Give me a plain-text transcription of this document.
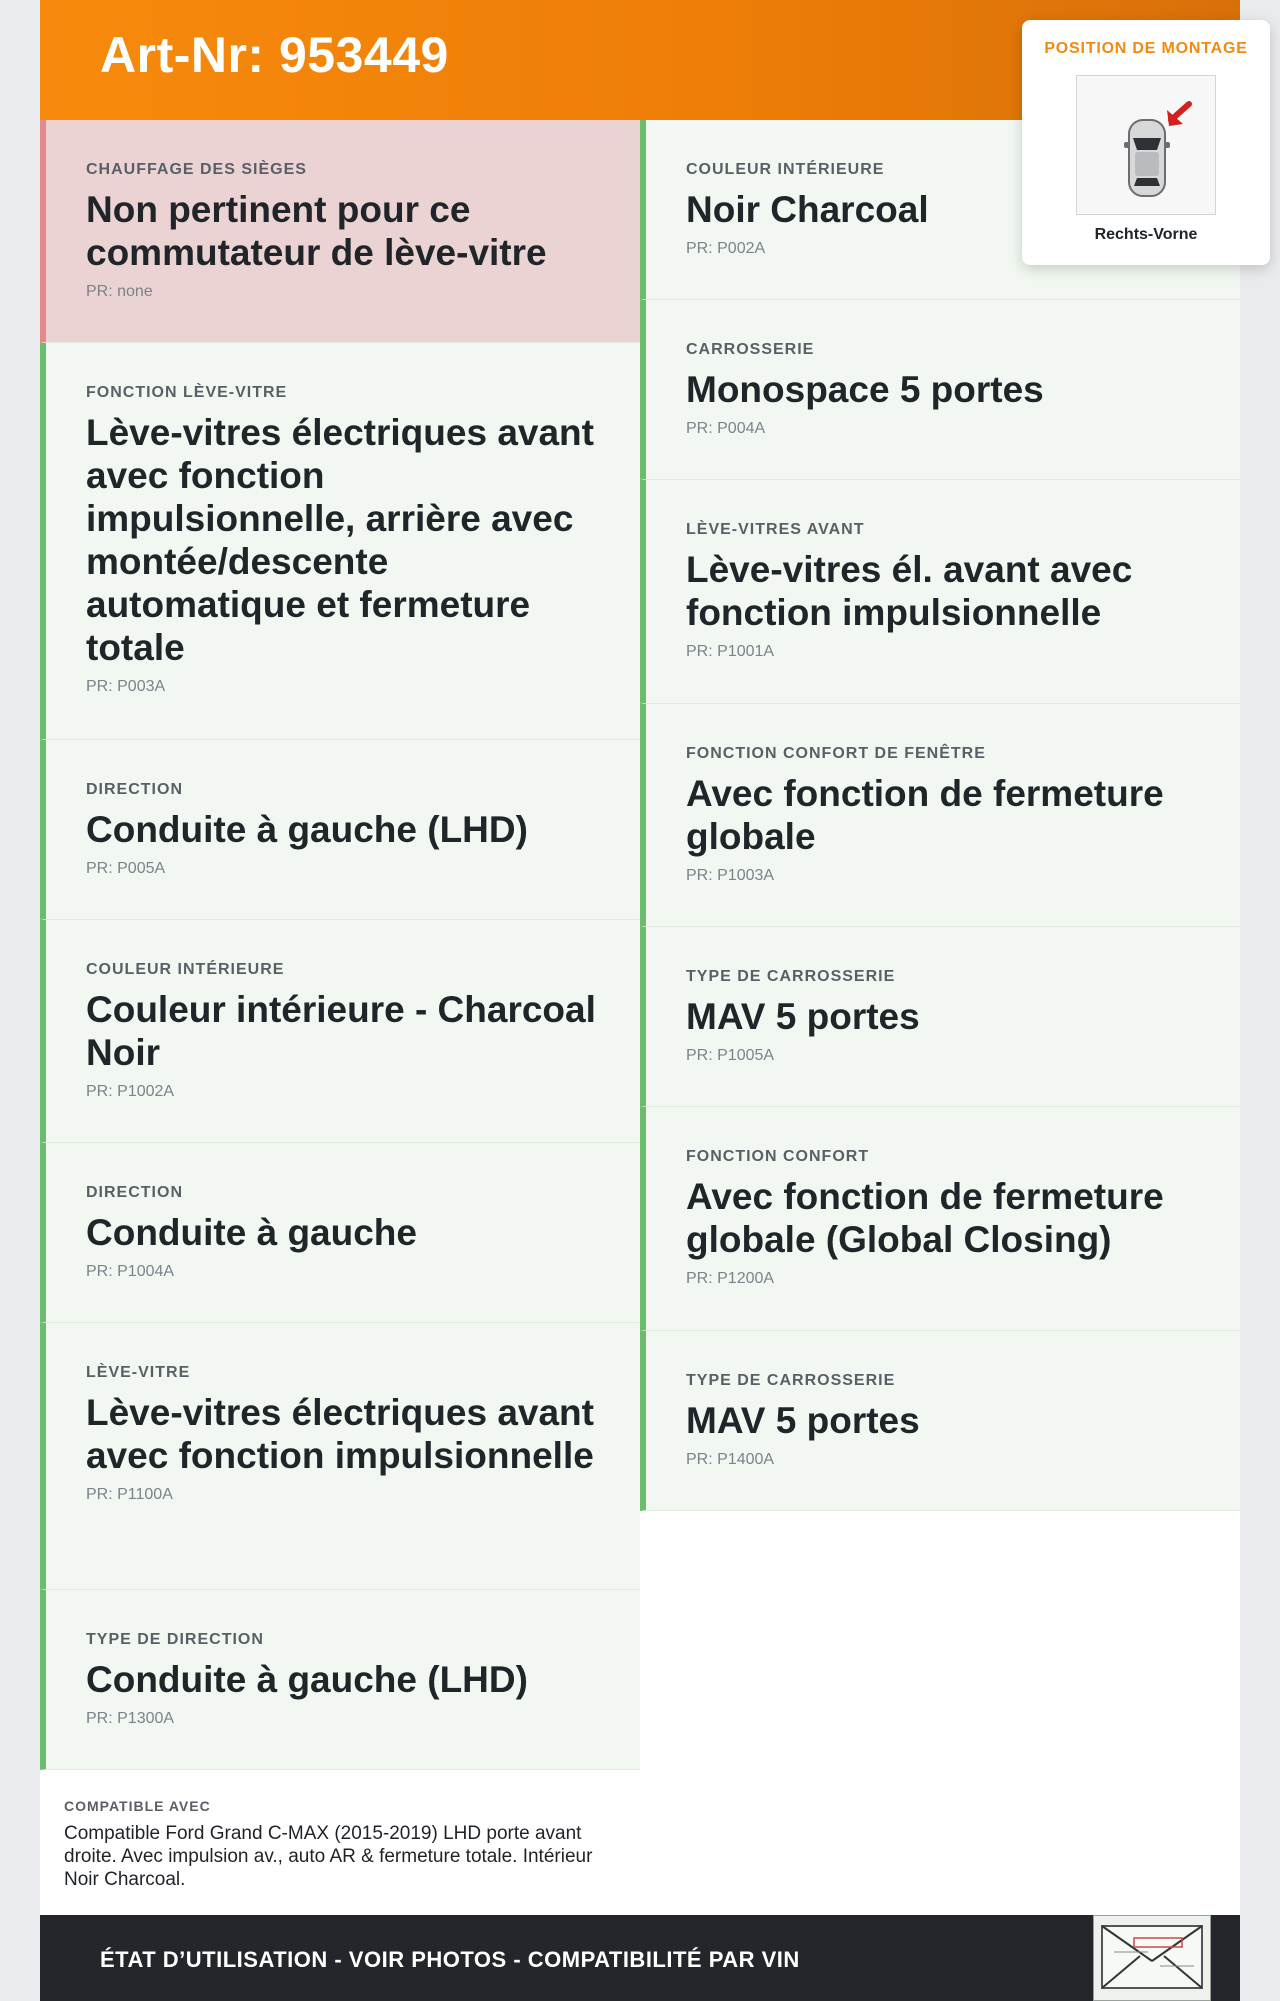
Art-Nr: 953449
CHAUFFAGE DES SIÈGES
Non pertinent pour ce commutateur de lève-vitre
PR: none
FONCTION LÈVE-VITRE
Lève-vitres électriques avant avec fonction impulsionnelle, arrière avec montée/descente automatique et fermeture totale
PR: P003A
DIRECTION
Conduite à gauche (LHD)
PR: P005A
COULEUR INTÉRIEURE
Couleur intérieure - Charcoal Noir
PR: P1002A
DIRECTION
Conduite à gauche
PR: P1004A
LÈVE-VITRE
Lève-vitres électriques avant avec fonction impulsionnelle
PR: P1100A
TYPE DE DIRECTION
Conduite à gauche (LHD)
PR: P1300A
COULEUR INTÉRIEURE
Noir Charcoal
PR: P002A
CARROSSERIE
Monospace 5 portes
PR: P004A
LÈVE-VITRES AVANT
Lève-vitres él. avant avec fonction impulsionnelle
PR: P1001A
FONCTION CONFORT DE FENÊTRE
Avec fonction de fermeture globale
PR: P1003A
TYPE DE CARROSSERIE
MAV 5 portes
PR: P1005A
FONCTION CONFORT
Avec fonction de fermeture globale (Global Closing)
PR: P1200A
TYPE DE CARROSSERIE
MAV 5 portes
PR: P1400A
COMPATIBLE AVEC
Compatible Ford Grand C-MAX (2015-2019) LHD porte avant droite. Avec impulsion av., auto AR & fermeture totale. Intérieur Noir Charcoal.
ÉTAT D’UTILISATION - VOIR PHOTOS - COMPATIBILITÉ PAR VIN
POSITION DE MONTAGE
Rechts-Vorne
